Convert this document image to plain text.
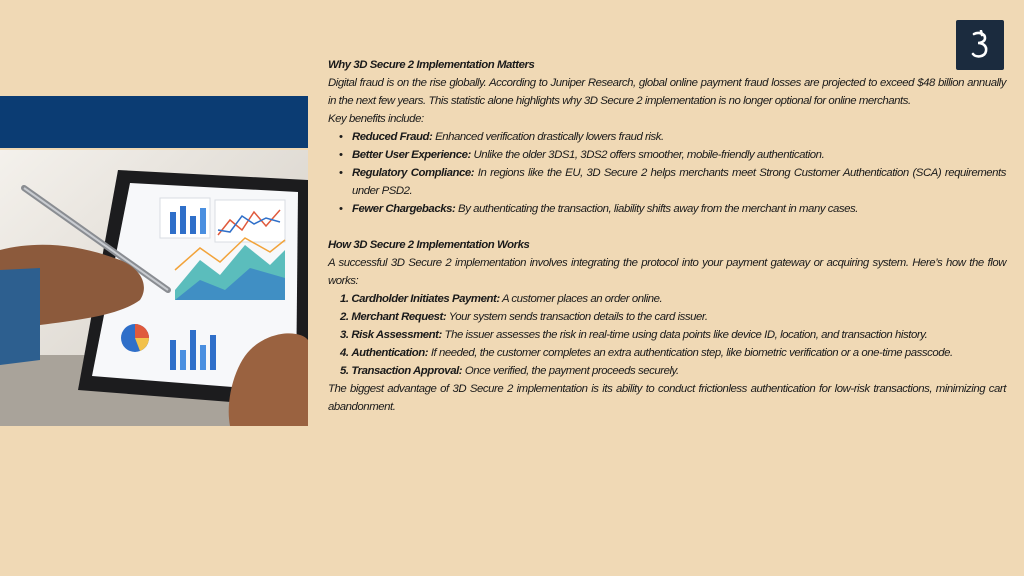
Why 3D Secure 2 Implementation Matters

Digital fraud is on the rise globally. According to Juniper Research, global online payment fraud losses are projected to exceed $48 billion annually in the next few years. This statistic alone highlights why 3D Secure 2 implementation is no longer optional for online merchants.

Key benefits include:

• Reduced Fraud: Enhanced verification drastically lowers fraud risk.
• Better User Experience: Unlike the older 3DS1, 3DS2 offers smoother, mobile-friendly authentication.
• Regulatory Compliance: In regions like the EU, 3D Secure 2 helps merchants meet Strong Customer Authentication (SCA) requirements under PSD2.
• Fewer Chargebacks: By authenticating the transaction, liability shifts away from the merchant in many cases.

How 3D Secure 2 Implementation Works

A successful 3D Secure 2 implementation involves integrating the protocol into your payment gateway or acquiring system. Here’s how the flow works:

1. Cardholder Initiates Payment: A customer places an order online.
2. Merchant Request: Your system sends transaction details to the card issuer.
3. Risk Assessment: The issuer assesses the risk in real-time using data points like device ID, location, and transaction history.
4. Authentication: If needed, the customer completes an extra authentication step, like biometric verification or a one-time passcode.
5. Transaction Approval: Once verified, the payment proceeds securely.

The biggest advantage of 3D Secure 2 implementation is its ability to conduct frictionless authentication for low-risk transactions, minimizing cart abandonment.
